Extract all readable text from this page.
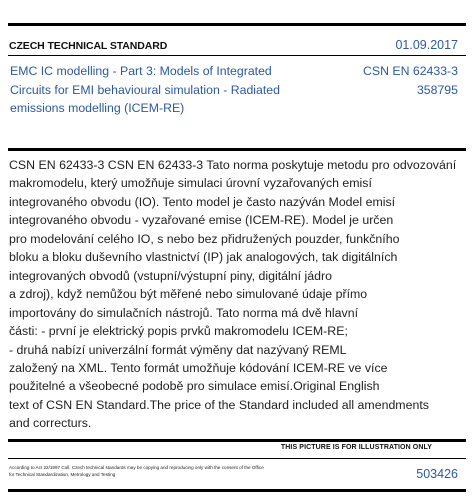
CZECH TECHNICAL STANDARD	01.09.2017
EMC IC modelling - Part 3: Models of Integrated
Circuits for EMI behavioural simulation - Radiated
emissions modelling (ICEM-RE)
CSN EN 62433-3
358795
CSN EN 62433-3 CSN EN 62433-3 Tato norma poskytuje metodu pro odvozování
makromodelu, který umožňuje simulaci úrovní vyzařovaných emisí
integrovaného obvodu (IO). Tento model je často nazýván Model emisí
integrovaného obvodu - vyzařované emise (ICEM-RE). Model je určen
pro modelování celého IO, s nebo bez přidružených pouzder, funkčního
bloku a bloku duševního vlastnictví (IP) jak analogových, tak digitálních
integrovaných obvodů (vstupní/výstupní piny, digitální jádro
a zdroj), když nemůžou být měřené nebo simulované údaje přímo
importovány do simulačních nástrojů. Tato norma má dvě hlavní
části: - první je elektrický popis prvků makromodelu ICEM-RE;
- druhá nabízí univerzální formát výměny dat nazývaný REML
založený na XML. Tento formát umožňuje kódování ICEM-RE ve více
použitelné a všeobecné podobě pro simulace emisí.Original English
text of CSN EN Standard.The price of the Standard included all amendments
and correcturs.
THIS PICTURE IS FOR ILLUSTRATION ONLY
According to Act 22/1997 Coll. Czech technical standards may be copying and reproducing only with the consent of the Office
for Technical Standardization, Metrology and Testing	503426
